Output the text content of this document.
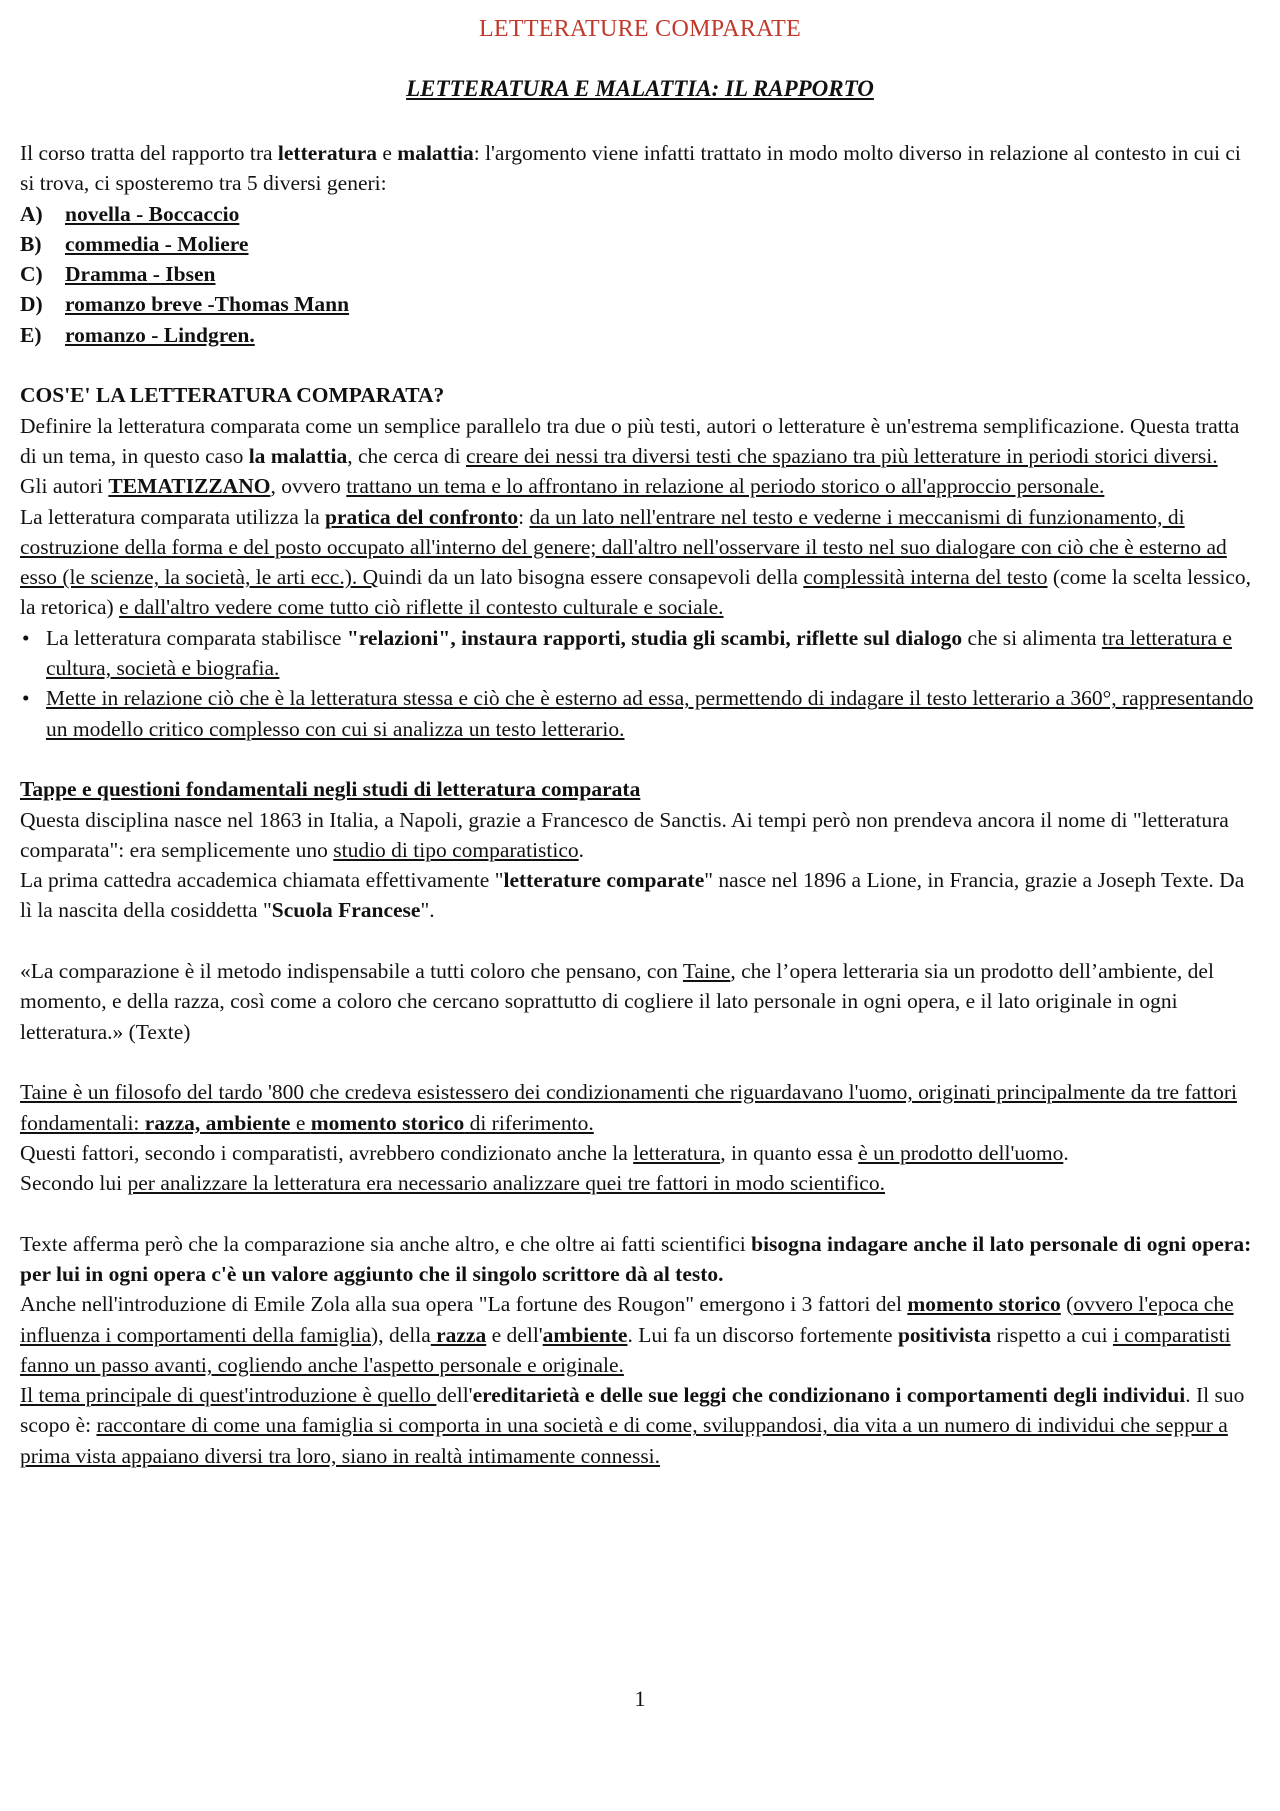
LETTERATURE COMPARATE
LETTERATURA E MALATTIA: IL RAPPORTO

Il corso tratta del rapporto tra letteratura e malattia: l'argomento viene infatti trattato in modo molto diverso in relazione al contesto in cui ci si trova, ci sposteremo tra 5 diversi generi:

A)	novella - Boccaccio
B)	commedia - Moliere
C)	Dramma - Ibsen
D)	romanzo breve -Thomas Mann
E)	romanzo - Lindgren.

COS'E' LA LETTERATURA COMPARATA?

Definire la letteratura comparata come un semplice parallelo tra due o più testi, autori o letterature è un'estrema semplificazione. Questa tratta di un tema, in questo caso la malattia, che cerca di creare dei nessi tra diversi testi che spaziano tra più letterature in periodi storici diversi.

Gli autori TEMATIZZANO, ovvero trattano un tema e lo affrontano in relazione al periodo storico o all'approccio personale.

La letteratura comparata utilizza la pratica del confronto: da un lato nell'entrare nel testo e vederne i meccanismi di funzionamento, di costruzione della forma e del posto occupato all'interno del genere; dall'altro nell'osservare il testo nel suo dialogare con ciò che è esterno ad esso (le scienze, la società, le arti ecc.). Quindi da un lato bisogna essere consapevoli della complessità interna del testo (come la scelta lessico, la retorica) e dall'altro vedere come tutto ciò riflette il contesto culturale e sociale.

• La letteratura comparata stabilisce "relazioni", instaura rapporti, studia gli scambi, riflette sul dialogo che si alimenta tra letteratura e cultura, società e biografia.
• Mette in relazione ciò che è la letteratura stessa e ciò che è esterno ad essa, permettendo di indagare il testo letterario a 360°, rappresentando un modello critico complesso con cui si analizza un testo letterario.

Tappe e questioni fondamentali negli studi di letteratura comparata

Questa disciplina nasce nel 1863 in Italia, a Napoli, grazie a Francesco de Sanctis. Ai tempi però non prendeva ancora il nome di "letteratura comparata": era semplicemente uno studio di tipo comparatistico.

La prima cattedra accademica chiamata effettivamente "letterature comparate" nasce nel 1896 a Lione, in Francia, grazie a Joseph Texte. Da lì la nascita della cosiddetta "Scuola Francese".

«La comparazione è il metodo indispensabile a tutti coloro che pensano, con Taine, che l’opera letteraria sia un prodotto dell’ambiente, del momento, e della razza, così come a coloro che cercano soprattutto di cogliere il lato personale in ogni opera, e il lato originale in ogni letteratura.» (Texte)

Taine è un filosofo del tardo '800 che credeva esistessero dei condizionamenti che riguardavano l'uomo, originati principalmente da tre fattori fondamentali: razza, ambiente e momento storico di riferimento.

Questi fattori, secondo i comparatisti, avrebbero condizionato anche la letteratura, in quanto essa è un prodotto dell'uomo.

Secondo lui per analizzare la letteratura era necessario analizzare quei tre fattori in modo scientifico.

Texte afferma però che la comparazione sia anche altro, e che oltre ai fatti scientifici bisogna indagare anche il lato personale di ogni opera: per lui in ogni opera c'è un valore aggiunto che il singolo scrittore dà al testo.

Anche nell'introduzione di Emile Zola alla sua opera "La fortune des Rougon" emergono i 3 fattori del momento storico (ovvero l'epoca che influenza i comportamenti della famiglia), della razza e dell'ambiente. Lui fa un discorso fortemente positivista rispetto a cui i comparatisti fanno un passo avanti, cogliendo anche l'aspetto personale e originale.

Il tema principale di quest'introduzione è quello dell'ereditarietà e delle sue leggi che condizionano i comportamenti degli individui. Il suo scopo è: raccontare di come una famiglia si comporta in una società e di come, sviluppandosi, dia vita a un numero di individui che seppur a prima vista appaiano diversi tra loro, siano in realtà intimamente connessi.

1
